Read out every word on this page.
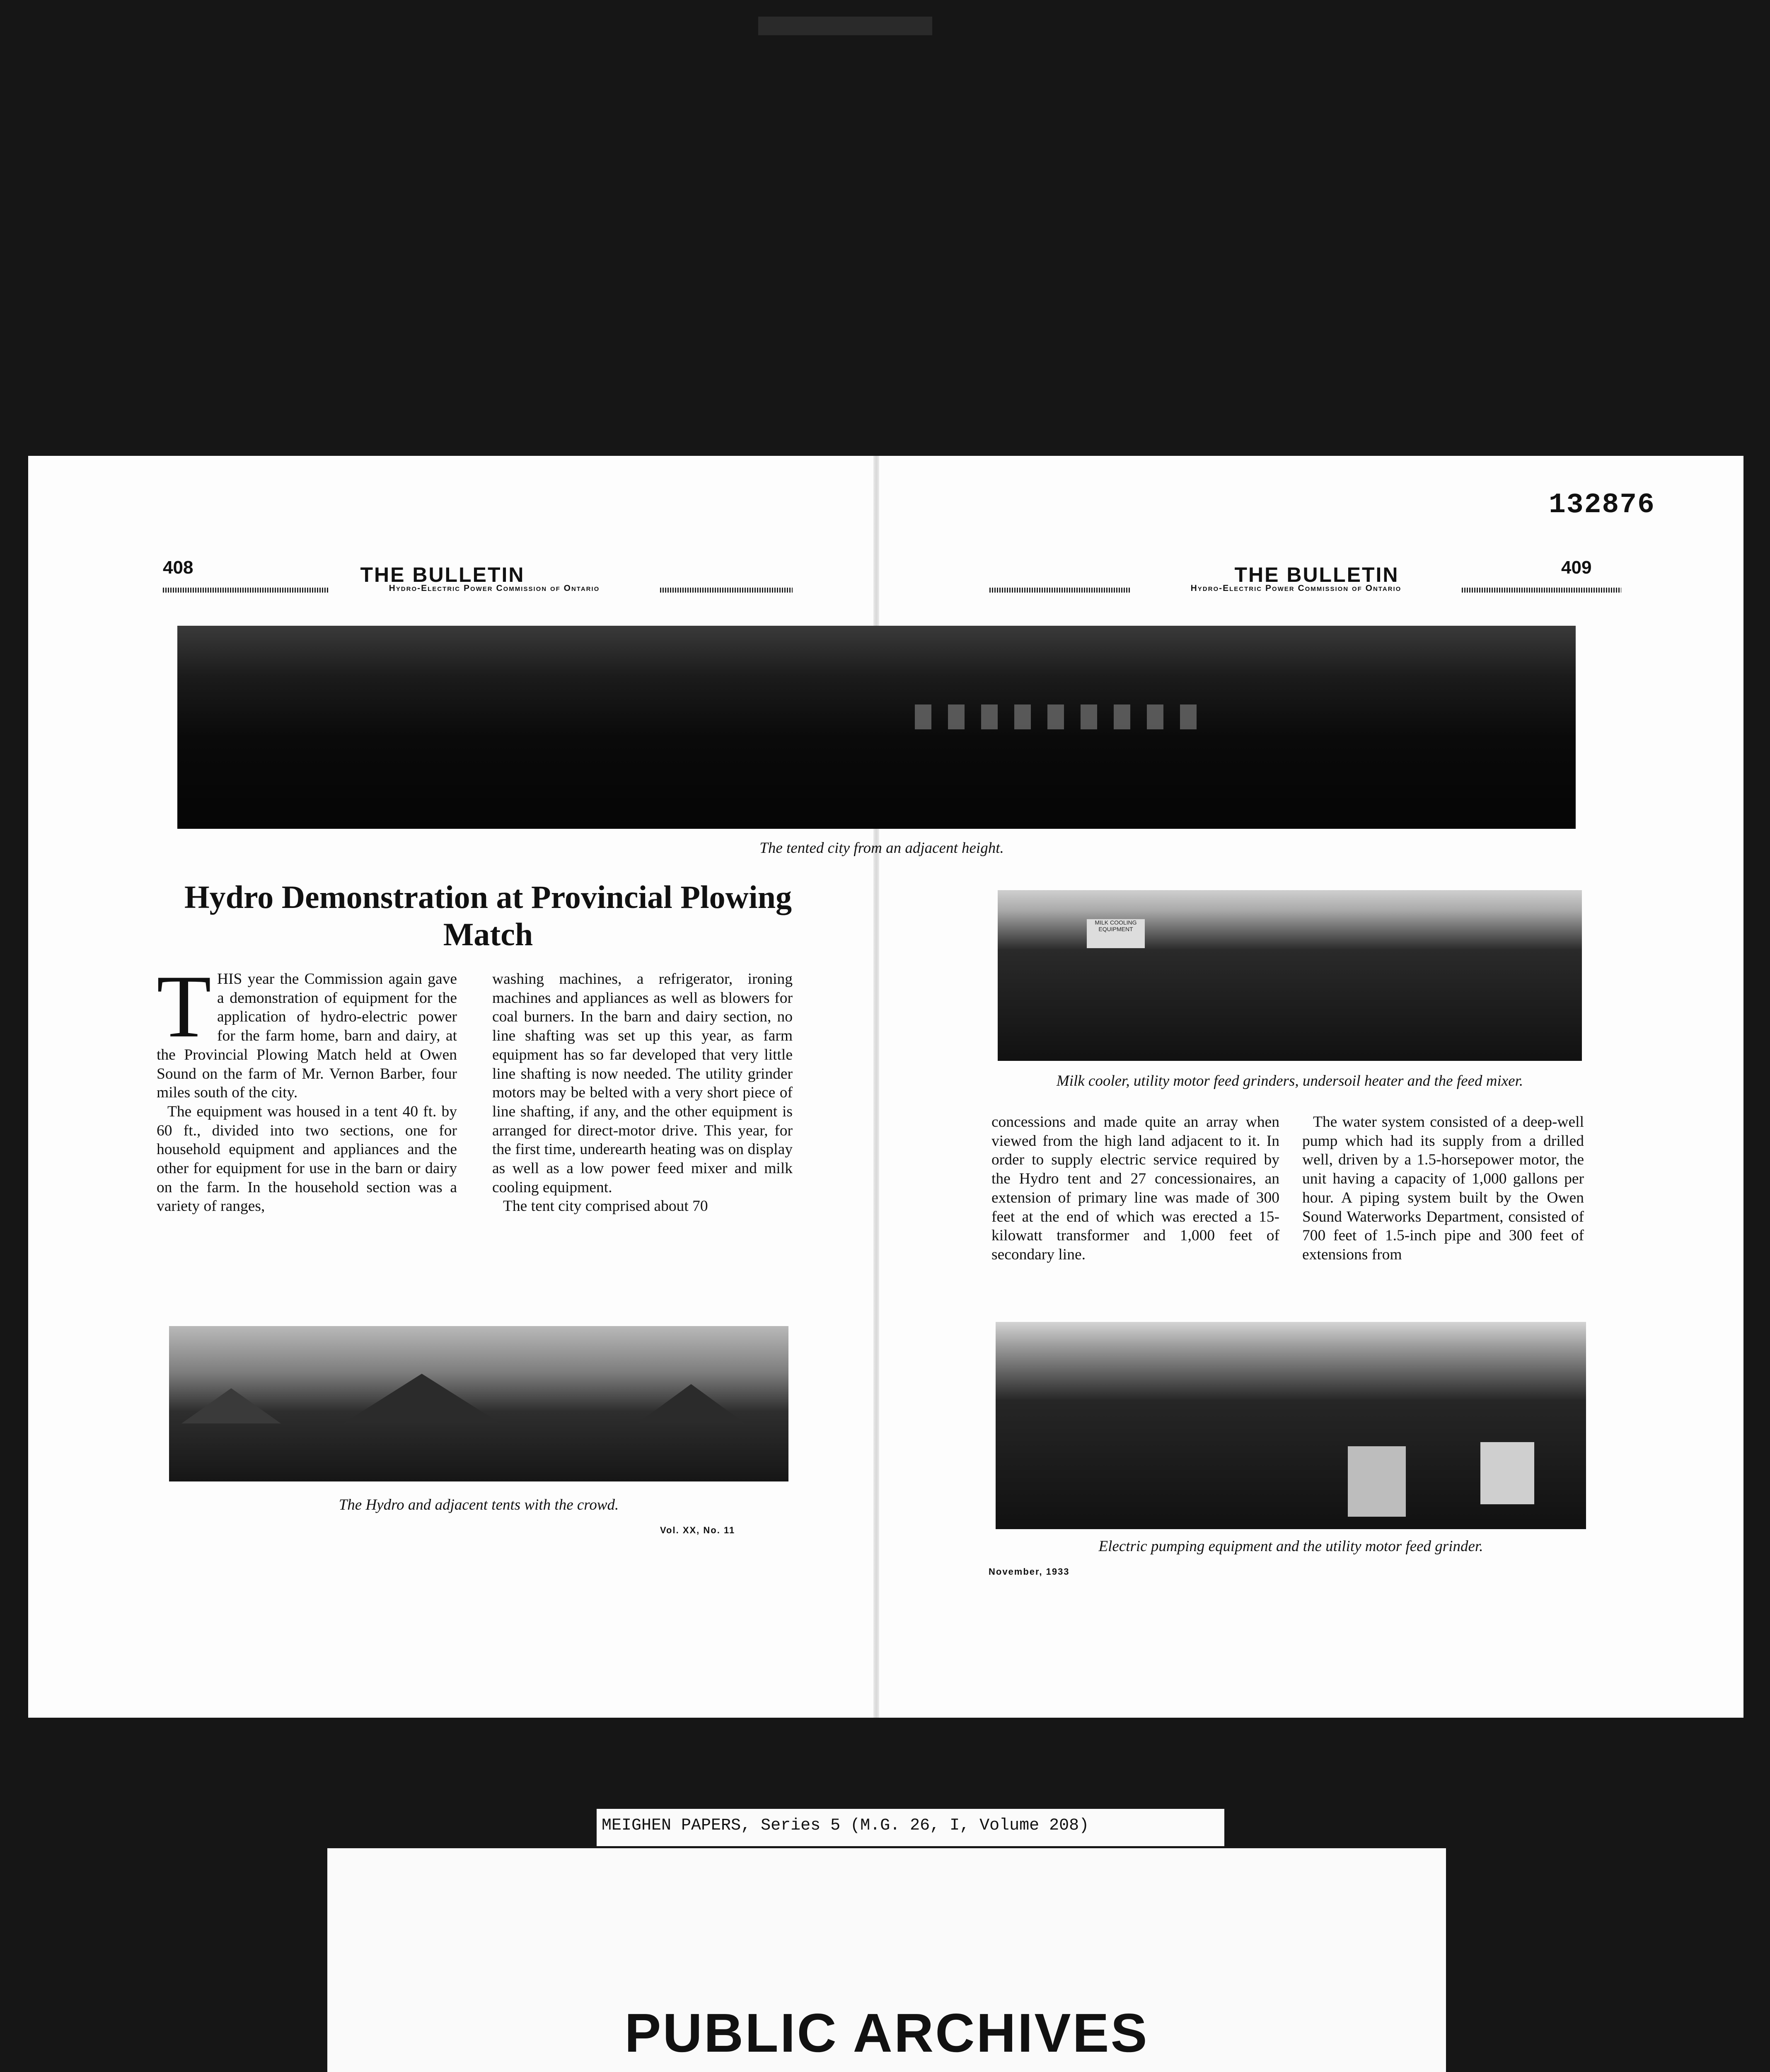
132876
408	THE BULLETIN
Hydro-Electric Power Commission of Ontario
THE BULLETIN
Hydro-Electric Power Commission of Ontario
409
The tented city from an adjacent height.
Hydro Demonstration at Provincial Plowing Match
T HIS year the Commission again gave a demonstration of equipment for the application of hydro-electric power for the farm home, barn and dairy, at the Provincial Plowing Match held at Owen Sound on the farm of Mr. Vernon Barber, four miles south of the city.

The equipment was housed in a tent 40 ft. by 60 ft., divided into two sections, one for household equipment and appliances and the other for equipment for use in the barn or dairy on the farm. In the household section was a variety of ranges,

washing machines, a refrigerator, ironing machines and appliances as well as blowers for coal burners. In the barn and dairy section, no line shafting was set up this year, as farm equipment has so far developed that very little line shafting is now needed. The utility grinder motors may be belted with a very short piece of line shafting, if any, and the other equipment is arranged for direct-motor drive. This year, for the first time, underearth heating was on display as well as a low power feed mixer and milk cooling equipment.

The tent city comprised about 70

The Hydro and adjacent tents with the crowd.
Vol. XX, No. 11
MILK COOLING EQUIPMENT
Milk cooler, utility motor feed grinders, undersoil heater and the feed mixer.

concessions and made quite an array when viewed from the high land adjacent to it. In order to supply electric service required by the Hydro tent and 27 concessionaires, an extension of primary line was made of 300 feet at the end of which was erected a 15-kilowatt transformer and 1,000 feet of secondary line.

The water system consisted of a deep-well pump which had its supply from a drilled well, driven by a 1.5-horsepower motor, the unit having a capacity of 1,000 gallons per hour. A piping system built by the Owen Sound Waterworks Department, consisted of 700 feet of 1.5-inch pipe and 300 feet of extensions from

Electric pumping equipment and the utility motor feed grinder.
November, 1933
MEIGHEN PAPERS, Series 5 (M.G. 26, I, Volume 208)
PUBLIC ARCHIVES
